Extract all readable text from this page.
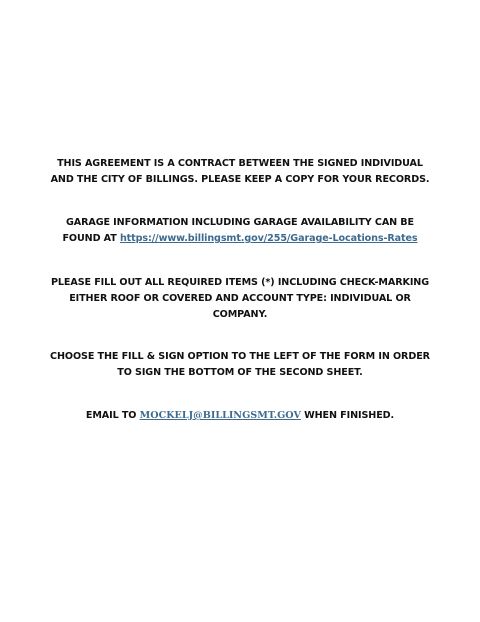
THIS AGREEMENT IS A CONTRACT BETWEEN THE SIGNED INDIVIDUAL
AND THE CITY OF BILLINGS. PLEASE KEEP A COPY FOR YOUR RECORDS.

GARAGE INFORMATION INCLUDING GARAGE AVAILABILITY CAN BE
FOUND AT https://www.billingsmt.gov/255/Garage-Locations-Rates

PLEASE FILL OUT ALL REQUIRED ITEMS (*) INCLUDING CHECK-MARKING
EITHER ROOF OR COVERED AND ACCOUNT TYPE: INDIVIDUAL OR
COMPANY.

CHOOSE THE FILL & SIGN OPTION TO THE LEFT OF THE FORM IN ORDER
TO SIGN THE BOTTOM OF THE SECOND SHEET.

EMAIL TO MOCKELJ@BILLINGSMT.GOV WHEN FINISHED.
